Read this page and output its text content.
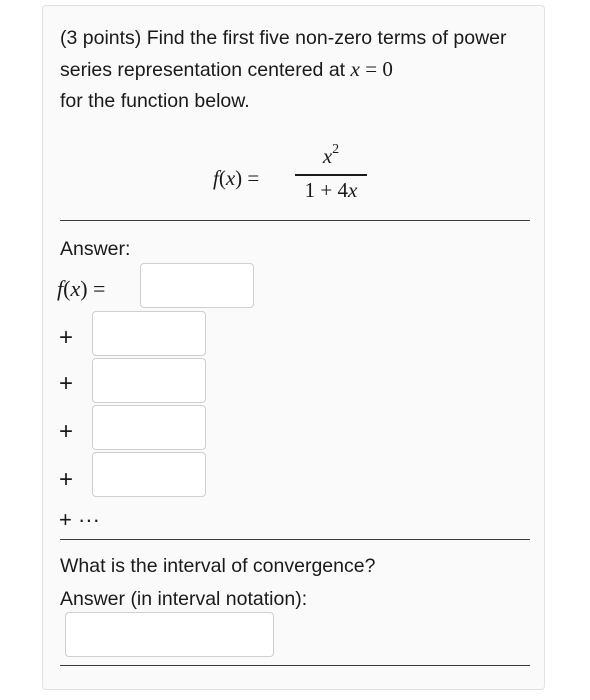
(3 points) Find the first five non-zero terms of power series representation centered at x = 0
for the function below.
f(x) =
$x^2$
1 + 4x
Answer:
f(x) =
+
+
+
+
+ ···
What is the interval of convergence?
Answer (in interval notation):
